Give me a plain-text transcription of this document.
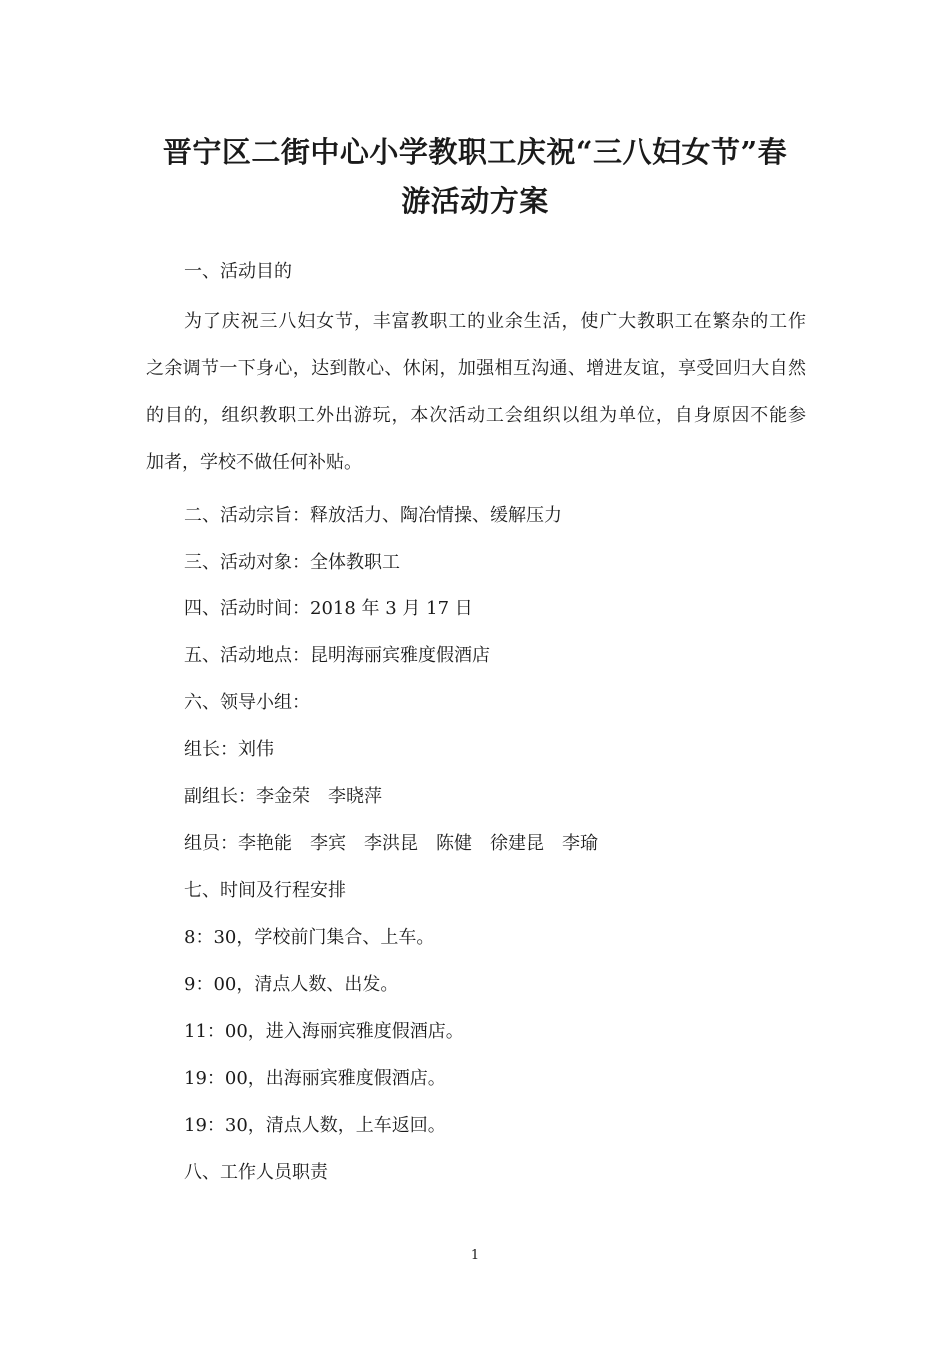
晋宁区二街中心小学教职工庆祝“三八妇女节”春
游活动方案

一、活动目的

为了庆祝三八妇女节，丰富教职工的业余生活，使广大教职工在繁杂的工作

之余调节一下身心，达到散心、休闲，加强相互沟通、增进友谊，享受回归大自然

的目的，组织教职工外出游玩，本次活动工会组织以组为单位，自身原因不能参

加者，学校不做任何补贴。

二、活动宗旨：释放活力、陶冶情操、缓解压力

三、活动对象：全体教职工

四、活动时间：2018 年 3 月 17 日

五、活动地点：昆明海丽宾雅度假酒店

六、领导小组：

组长：刘伟

副组长：李金荣　李晓萍

组员：李艳能　李宾　李洪昆　陈健　徐建昆　李瑜

七、时间及行程安排

8：30，学校前门集合、上车。

9：00，清点人数、出发。

11：00，进入海丽宾雅度假酒店。

19：00，出海丽宾雅度假酒店。

19：30，清点人数，上车返回。

八、工作人员职责

1
